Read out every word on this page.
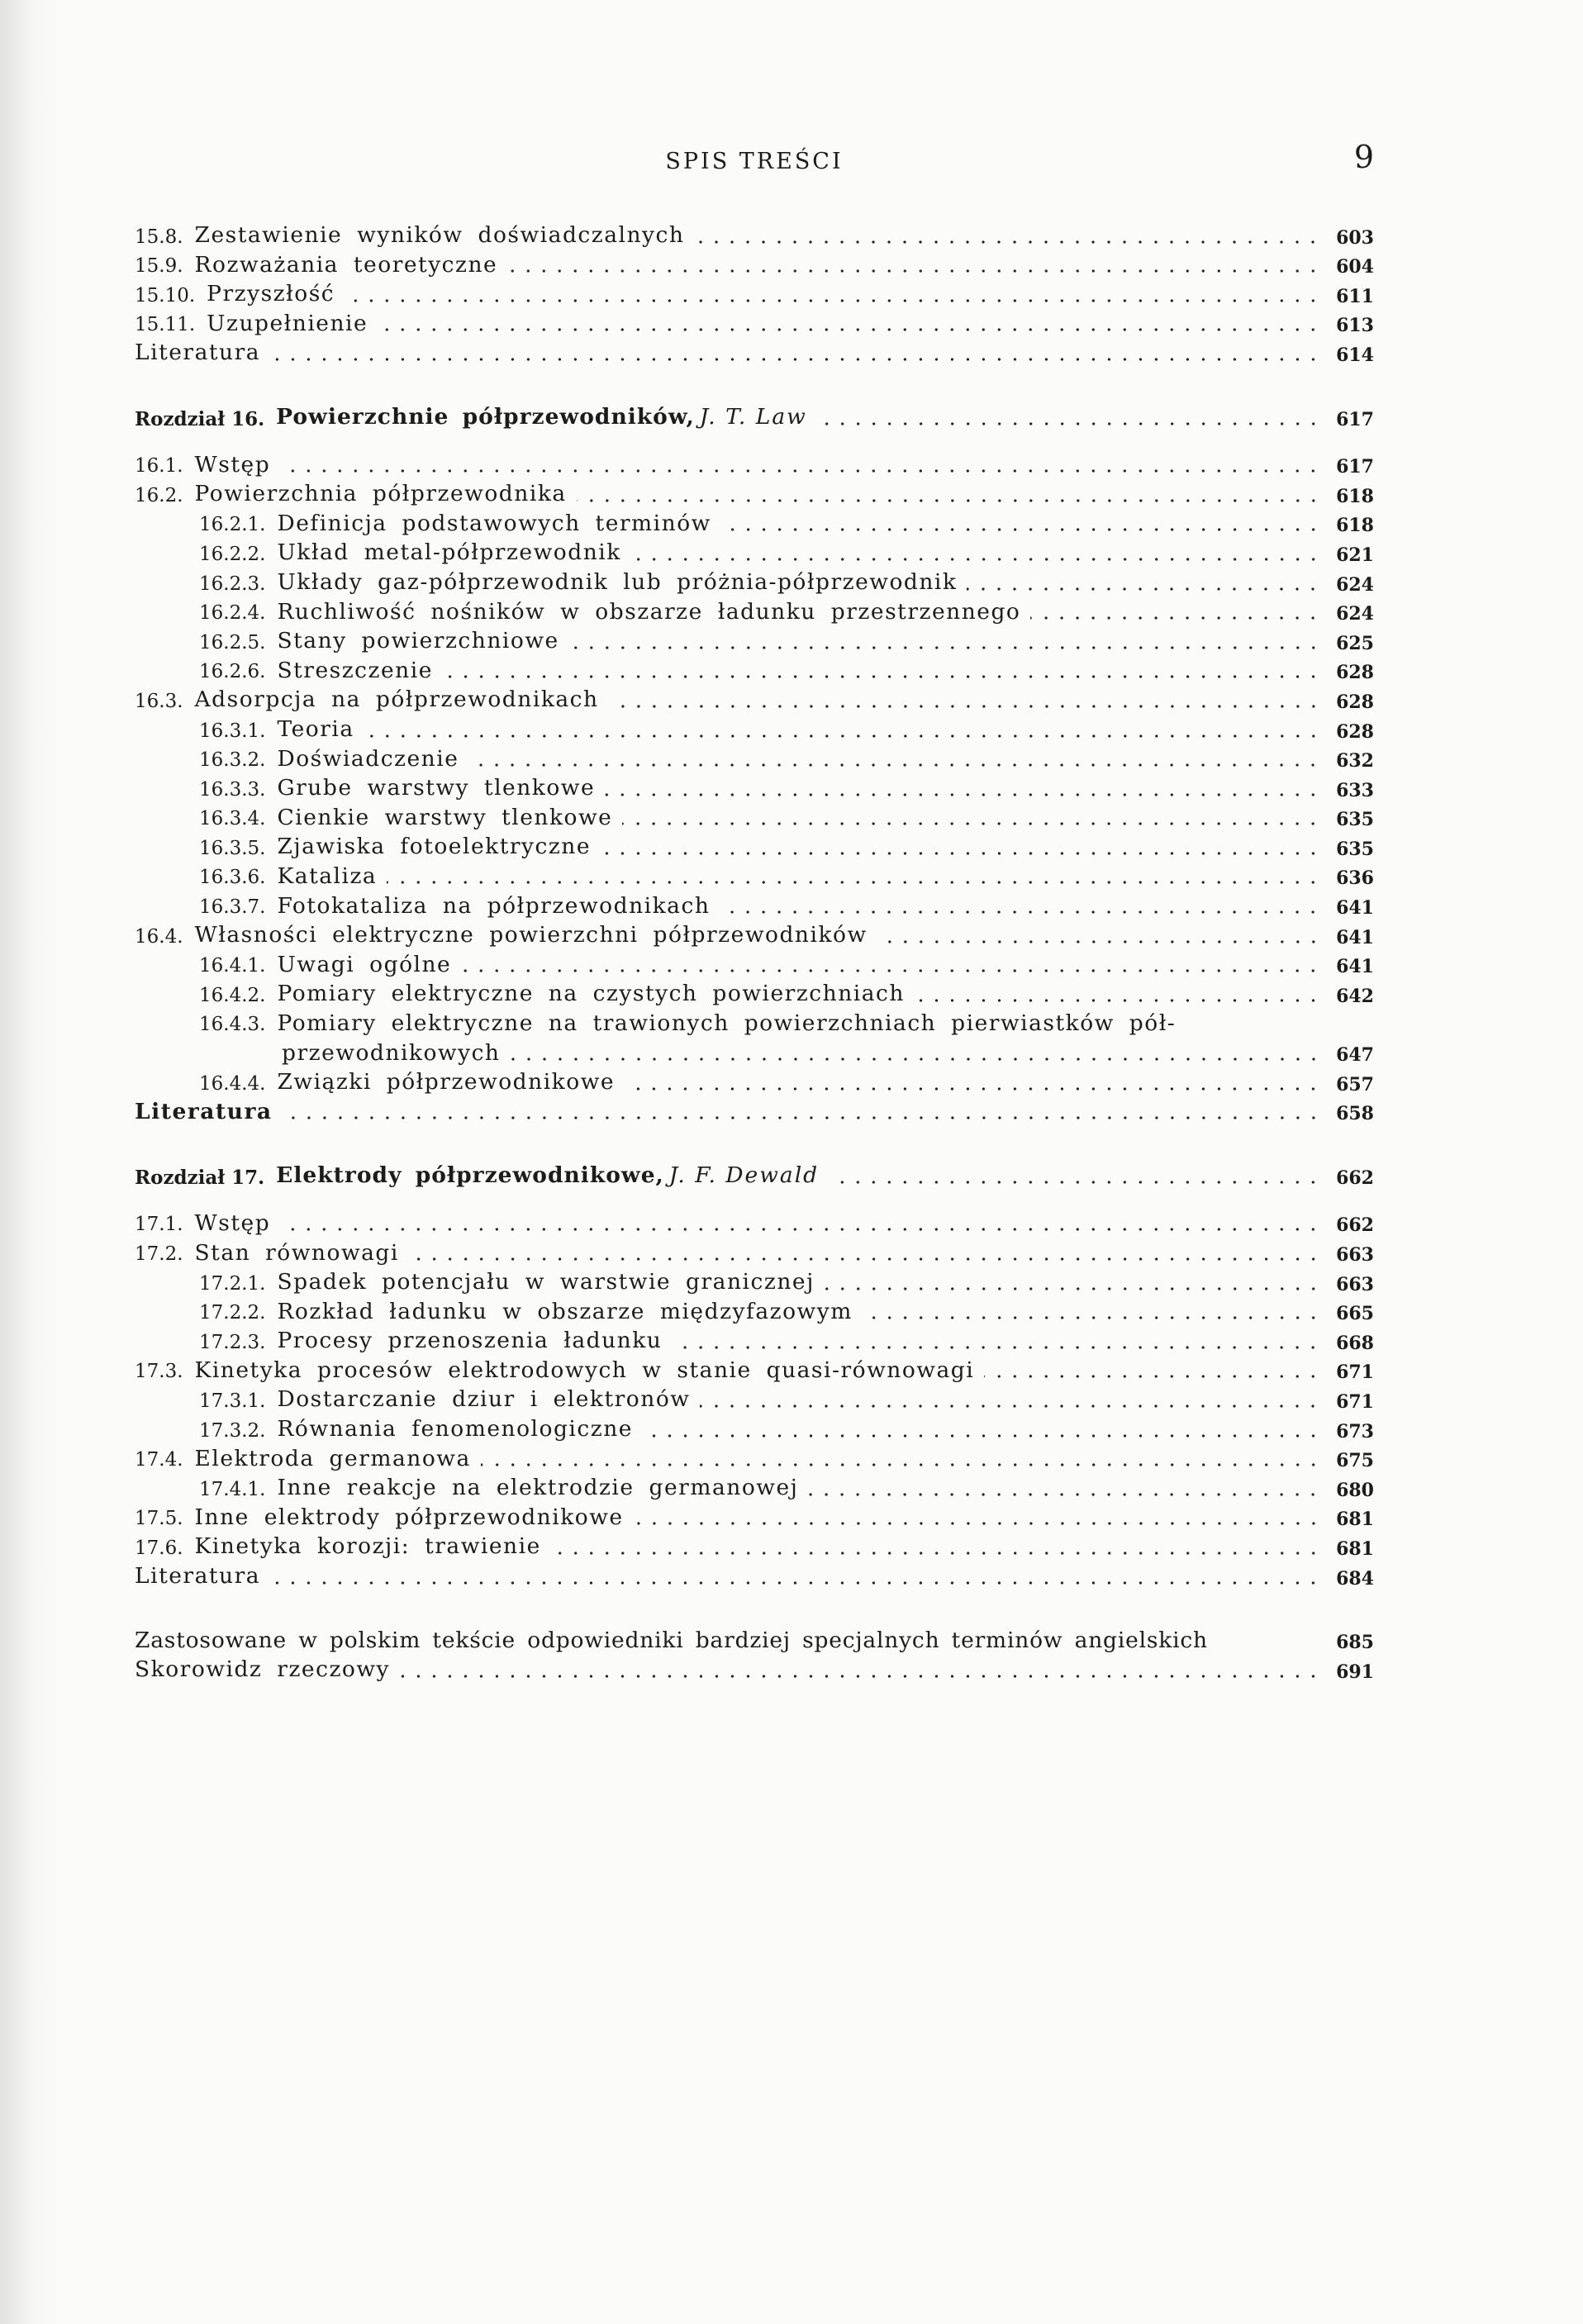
SPIS TREŚCI	9
15.8. Zestawienie wyników doświadczalnych	603
15.9. Rozważania teoretyczne	604
15.10. Przyszłość	611
15.11. Uzupełnienie	613
Literatura	614
Rozdział 16. Powierzchnie półprzewodników, J. T. Law	617
16.1. Wstęp	617
16.2. Powierzchnia półprzewodnika	618
16.2.1. Definicja podstawowych terminów	618
16.2.2. Układ metal-półprzewodnik	621
16.2.3. Układy gaz-półprzewodnik lub próżnia-półprzewodnik	624
16.2.4. Ruchliwość nośników w obszarze ładunku przestrzennego	624
16.2.5. Stany powierzchniowe	625
16.2.6. Streszczenie	628
16.3. Adsorpcja na półprzewodnikach	628
16.3.1. Teoria	628
16.3.2. Doświadczenie	632
16.3.3. Grube warstwy tlenkowe	633
16.3.4. Cienkie warstwy tlenkowe	635
16.3.5. Zjawiska fotoelektryczne	635
16.3.6. Kataliza	636
16.3.7. Fotokataliza na półprzewodnikach	641
16.4. Własności elektryczne powierzchni półprzewodników	641
16.4.1. Uwagi ogólne	641
16.4.2. Pomiary elektryczne na czystych powierzchniach	642
16.4.3. Pomiary elektryczne na trawionych powierzchniach pierwiastków pół-
przewodnikowych	647
16.4.4. Związki półprzewodnikowe	657
Literatura	658
Rozdział 17. Elektrody półprzewodnikowe, J. F. Dewald	662
17.1. Wstęp	662
17.2. Stan równowagi	663
17.2.1. Spadek potencjału w warstwie granicznej	663
17.2.2. Rozkład ładunku w obszarze międzyfazowym	665
17.2.3. Procesy przenoszenia ładunku	668
17.3. Kinetyka procesów elektrodowych w stanie quasi-równowagi	671
17.3.1. Dostarczanie dziur i elektronów	671
17.3.2. Równania fenomenologiczne	673
17.4. Elektroda germanowa	675
17.4.1. Inne reakcje na elektrodzie germanowej	680
17.5. Inne elektrody półprzewodnikowe	681
17.6. Kinetyka korozji: trawienie	681
Literatura	684
Zastosowane w polskim tekście odpowiedniki bardziej specjalnych terminów angielskich	685
Skorowidz rzeczowy	691
